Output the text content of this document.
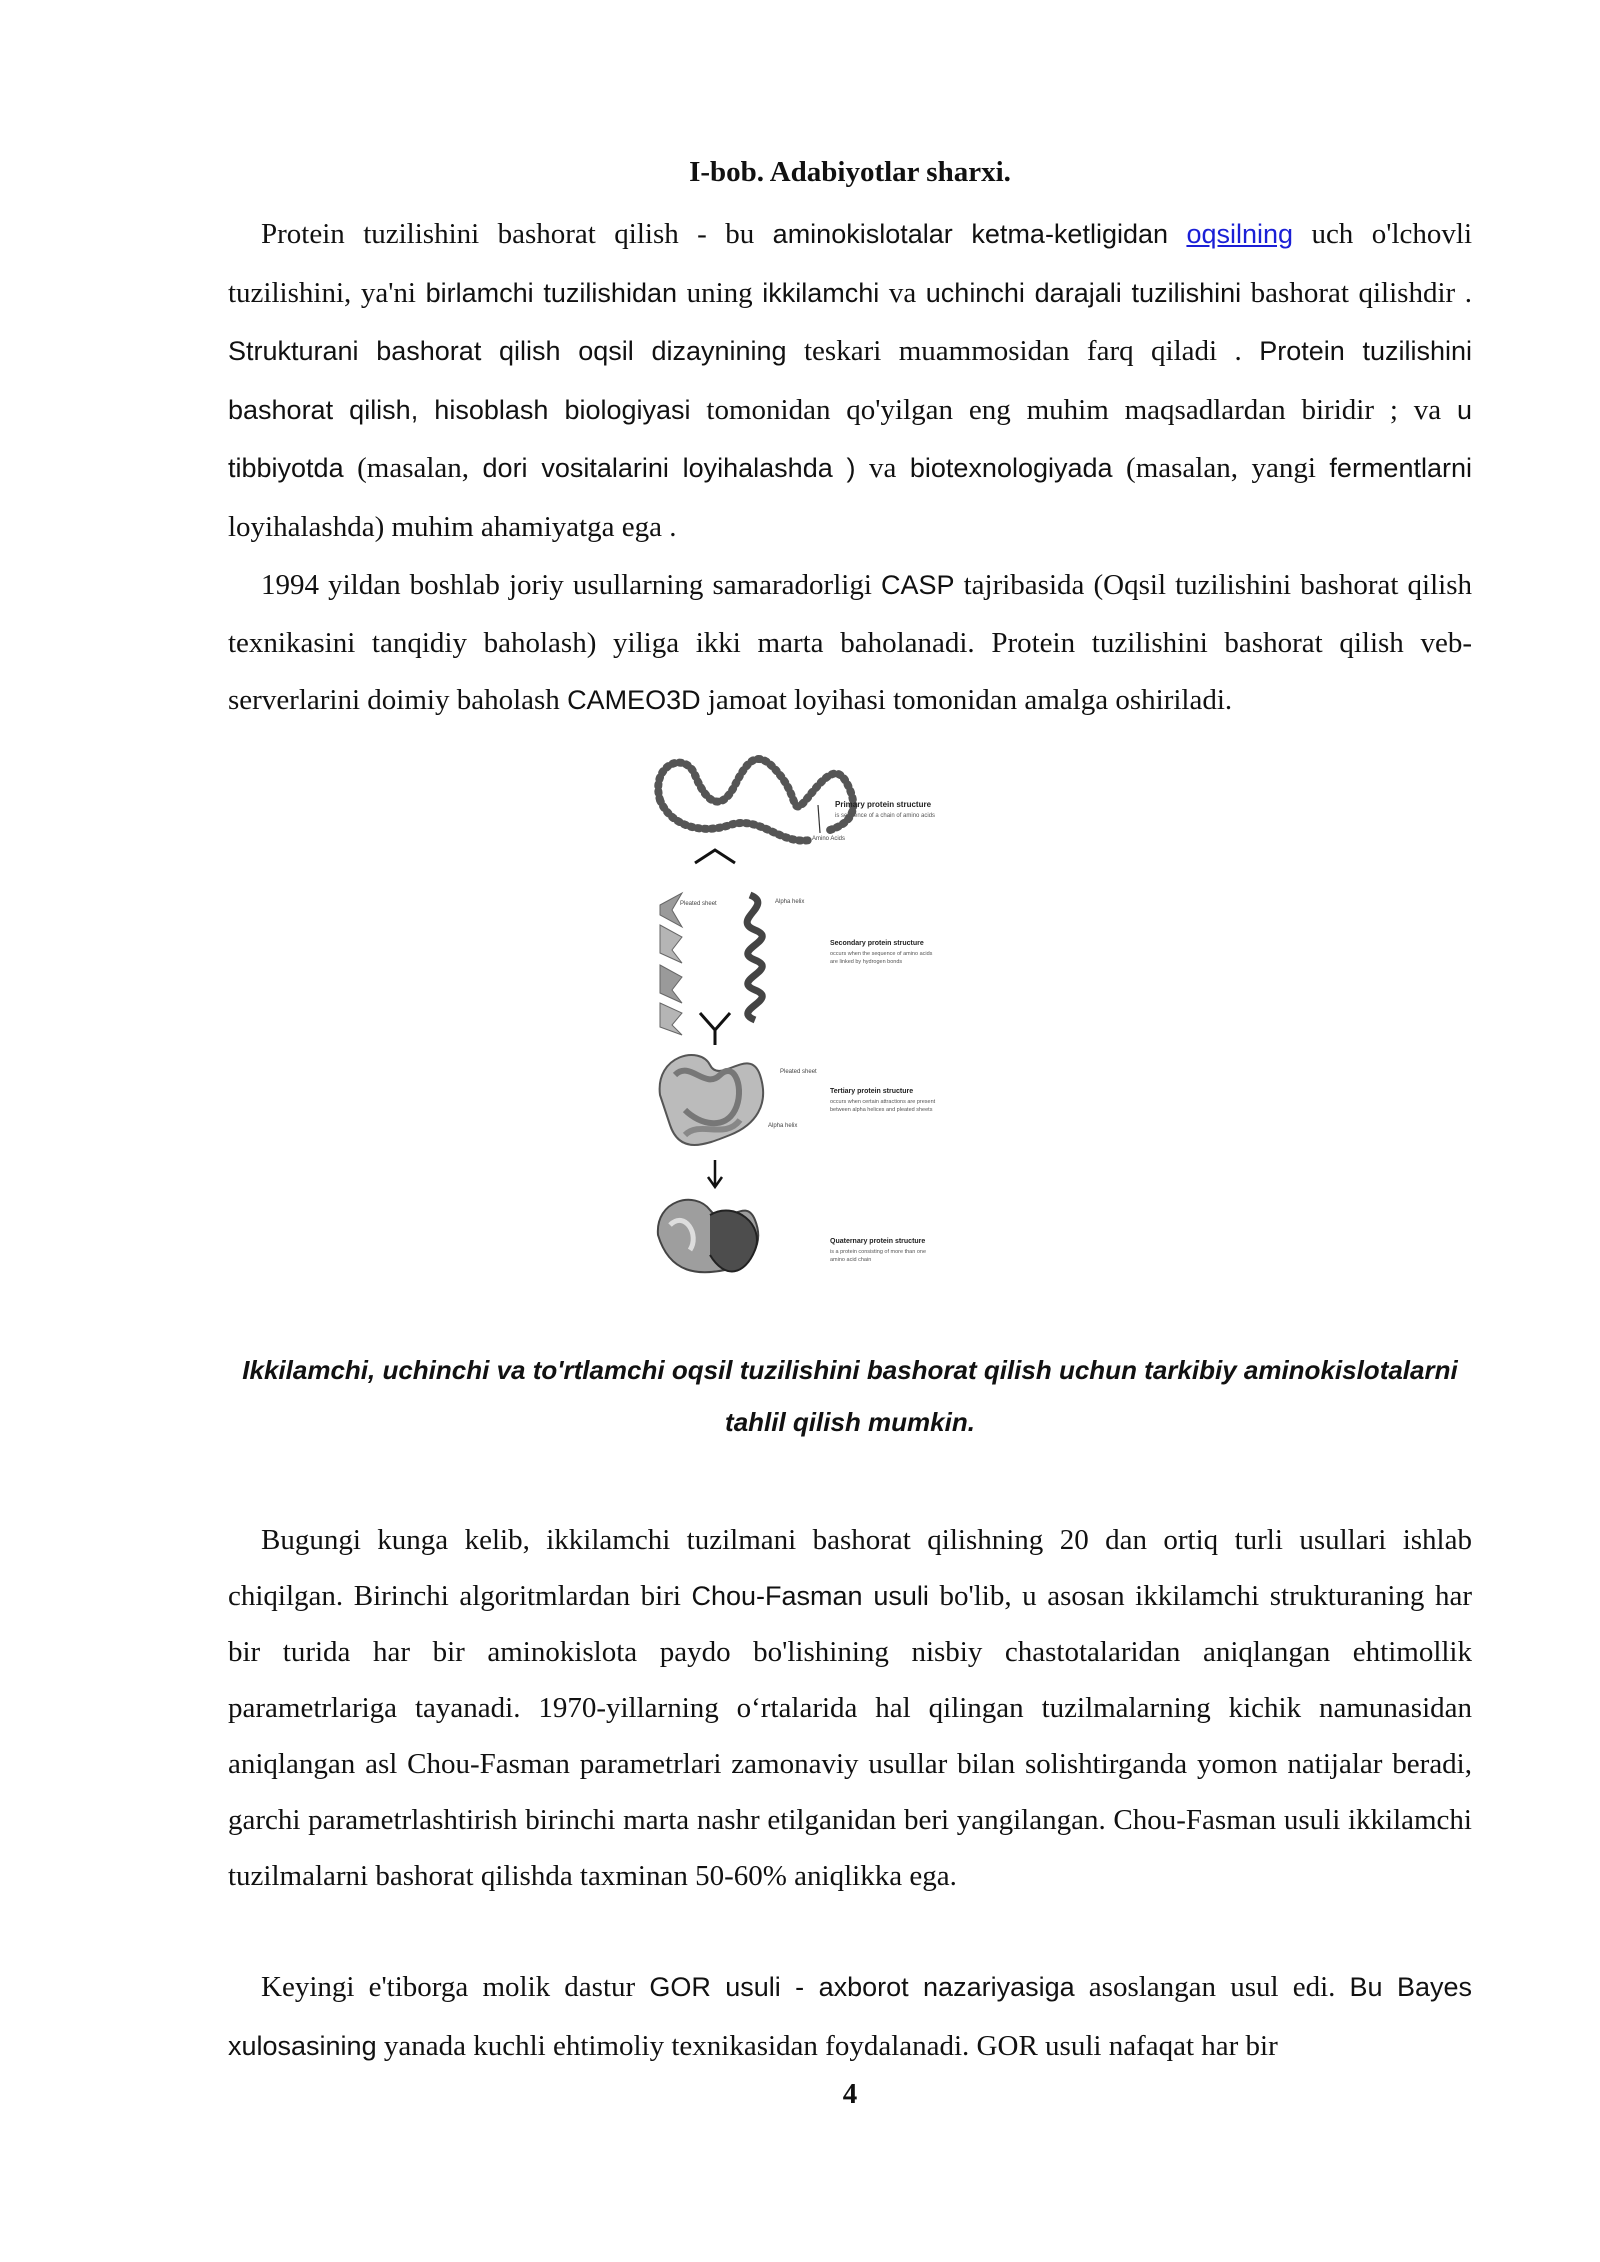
I-bob. Adabiyotlar sharxi.

Protein tuzilishini bashorat qilish - bu aminokislotalar ketma-ketligidan oqsilning uch o'lchovli tuzilishini, ya'ni birlamchi tuzilishidan uning ikkilamchi va uchinchi darajali tuzilishini bashorat qilishdir . Strukturani bashorat qilish oqsil dizaynining teskari muammosidan farq qiladi . Protein tuzilishini bashorat qilish, hisoblash biologiyasi tomonidan qo'yilgan eng muhim maqsadlardan biridir ; va u tibbiyotda (masalan, dori vositalarini loyihalashda ) va biotexnologiyada (masalan, yangi fermentlarni loyihalashda) muhim ahamiyatga ega .

1994 yildan boshlab joriy usullarning samaradorligi CASP tajribasida (Oqsil tuzilishini bashorat qilish texnikasini tanqidiy baholash) yiliga ikki marta baholanadi. Protein tuzilishini bashorat qilish veb-serverlarini doimiy baholash CAMEO3D jamoat loyihasi tomonidan amalga oshiriladi.

Primary protein structure
is sequence of a chain of amino acids
Amino Acids
Pleated sheet	Alpha helix
Secondary protein structure
occurs when the sequence of amino acids
are linked by hydrogen bonds
Pleated sheet
Tertiary protein structure
occurs when certain attractions are present
between alpha helices and pleated sheets
Alpha helix
Quaternary protein structure
is a protein consisting of more than one
amino acid chain
Ikkilamchi, uchinchi va to'rtlamchi oqsil tuzilishini bashorat qilish uchun tarkibiy aminokislotalarni tahlil qilish mumkin.

Bugungi kunga kelib, ikkilamchi tuzilmani bashorat qilishning 20 dan ortiq turli usullari ishlab chiqilgan. Birinchi algoritmlardan biri Chou-Fasman usuli bo'lib, u asosan ikkilamchi strukturaning har bir turida har bir aminokislota paydo bo'lishining nisbiy chastotalaridan aniqlangan ehtimollik parametrlariga tayanadi. 1970-yillarning oʻrtalarida hal qilingan tuzilmalarning kichik namunasidan aniqlangan asl Chou-Fasman parametrlari zamonaviy usullar bilan solishtirganda yomon natijalar beradi, garchi parametrlashtirish birinchi marta nashr etilganidan beri yangilangan. Chou-Fasman usuli ikkilamchi tuzilmalarni bashorat qilishda taxminan 50-60% aniqlikka ega.

Keyingi e'tiborga molik dastur GOR usuli - axborot nazariyasiga asoslangan usul edi. Bu Bayes xulosasining yanada kuchli ehtimoliy texnikasidan foydalanadi. GOR usuli nafaqat har bir

4
